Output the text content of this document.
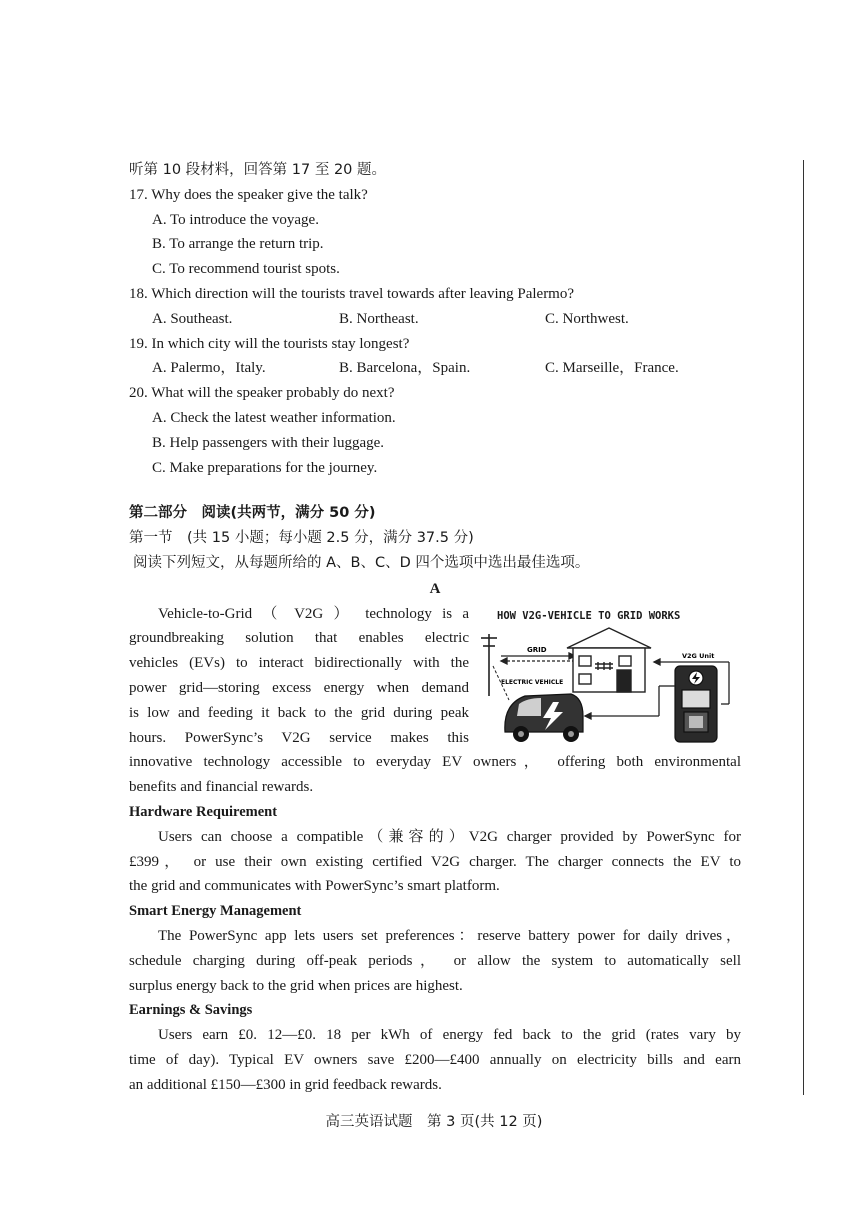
听第 10 段材料，回答第 17 至 20 题。
17. Why does the speaker give the talk?
A. To introduce the voyage.
B. To arrange the return trip.
C. To recommend tourist spots.
18. Which direction will the tourists travel towards after leaving Palermo?
A. Southeast.	B. Northeast.	C. Northwest.
19. In which city will the tourists stay longest?
A. Palermo，Italy.	B. Barcelona，Spain.	C. Marseille，France.
20. What will the speaker probably do next?
A. Check the latest weather information.
B. Help passengers with their luggage.
C. Make preparations for the journey.
第二部分　阅读(共两节，满分 50 分)
第一节　(共 15 小题；每小题 2.5 分，满分 37.5 分)
阅读下列短文，从每题所给的 A、B、C、D 四个选项中选出最佳选项。
A
HOW V2G-VEHICLE TO GRID WORKS
GRID
V2G Unit
ELECTRIC VEHICLE
Vehicle-to-Grid （ V2G ） technology is a
groundbreaking solution that enables electric
vehicles (EVs) to interact bidirectionally with the
power grid—storing excess energy when demand
is low and feeding it back to the grid during peak
hours. PowerSync’s V2G service makes this
innovative technology accessible to everyday EV owners， offering both environmental
benefits and financial rewards.
Hardware Requirement
Users can choose a compatible（兼容的）V2G charger provided by PowerSync for
£399， or use their own existing certified V2G charger. The charger connects the EV to
the grid and communicates with PowerSync’s smart platform.
Smart Energy Management
The PowerSync app lets users set preferences：reserve battery power for daily drives，
schedule charging during off-peak periods， or allow the system to automatically sell
surplus energy back to the grid when prices are highest.
Earnings & Savings
Users earn £0. 12—£0. 18 per kWh of energy fed back to the grid (rates vary by
time of day). Typical EV owners save £200—£400 annually on electricity bills and earn
an additional £150—£300 in grid feedback rewards.
高三英语试题　第 3 页(共 12 页)
